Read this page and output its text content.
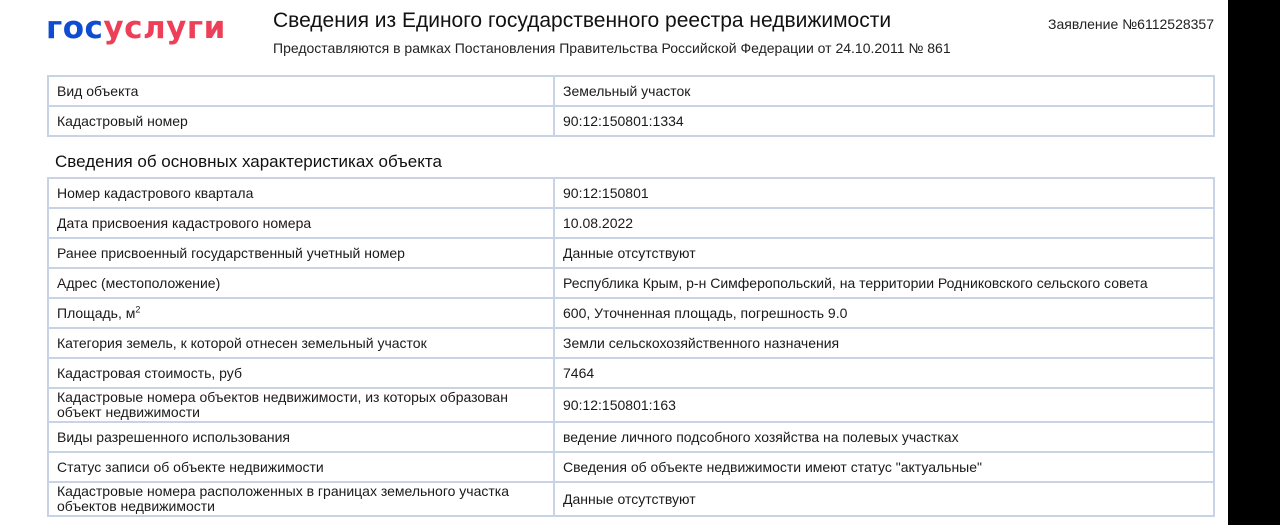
госуслуги Сведения из Единого государственного реестра недвижимости
Предоставляются в рамках Постановления Правительства Российской Федерации от 24.10.2011 № 861
Заявление №6112528357
Вид объекта	Земельный участок
Кадастровый номер	90:12:150801:1334
Сведения об основных характеристиках объекта
Номер кадастрового квартала	90:12:150801
Дата присвоения кадастрового номера	10.08.2022
Ранее присвоенный государственный учетный номер	Данные отсутствуют
Адрес (местоположение)	Республика Крым, р-н Симферопольский, на территории Родниковского сельского совета
Площадь, $м^2$	600, Уточненная площадь, погрешность 9.0
Категория земель, к которой отнесен земельный участок	Земли сельскохозяйственного назначения
Кадастровая стоимость, руб	7464
Кадастровые номера объектов недвижимости, из которых образован объект недвижимости	90:12:150801:163
Виды разрешенного использования	ведение личного подсобного хозяйства на полевых участках
Статус записи об объекте недвижимости	Сведения об объекте недвижимости имеют статус "актуальные"
Кадастровые номера расположенных в границах земельного участка объектов недвижимости	Данные отсутствуют
